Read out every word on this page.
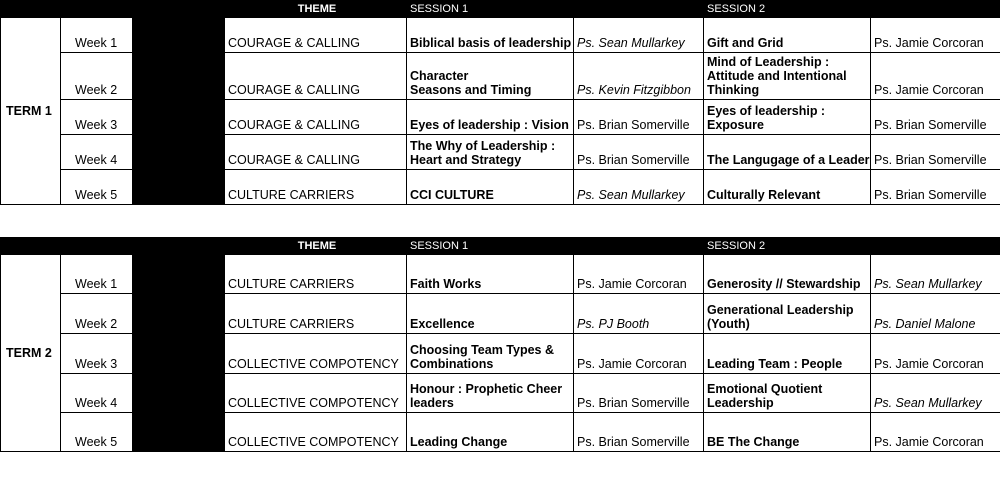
			THEME	SESSION 1		SESSION 2	
TERM 1	Week 1		COURAGE & CALLING	Biblical basis of leadership	Ps. Sean Mullarkey	Gift and Grid	Ps. Jamie Corcoran
	Week 2		COURAGE & CALLING	Character
Seasons and Timing	Ps. Kevin Fitzgibbon	Mind of Leadership :
Attitude and Intentional
Thinking	Ps. Jamie Corcoran
	Week 3		COURAGE & CALLING	Eyes of leadership : Vision	Ps. Brian Somerville	Eyes of leadership :
Exposure	Ps. Brian Somerville
	Week 4		COURAGE & CALLING	The Why of Leadership :
Heart and Strategy	Ps. Brian Somerville	The Langugage of a Leader	Ps. Brian Somerville
	Week 5		CULTURE CARRIERS	CCI CULTURE	Ps. Sean Mullarkey	Culturally Relevant	Ps. Brian Somerville
			THEME	SESSION 1		SESSION 2	
TERM 2	Week 1		CULTURE CARRIERS	Faith Works	Ps. Jamie Corcoran	Generosity // Stewardship	Ps. Sean Mullarkey
	Week 2		CULTURE CARRIERS	Excellence	Ps. PJ Booth	Generational Leadership
(Youth)	Ps. Daniel Malone
	Week 3		COLLECTIVE COMPOTENCY	Choosing Team Types &
Combinations	Ps. Jamie Corcoran	Leading Team : People	Ps. Jamie Corcoran
	Week 4		COLLECTIVE COMPOTENCY	Honour : Prophetic Cheer
leaders	Ps. Brian Somerville	Emotional Quotient
Leadership	Ps. Sean Mullarkey
	Week 5		COLLECTIVE COMPOTENCY	Leading Change	Ps. Brian Somerville	BE The Change	Ps. Jamie Corcoran
